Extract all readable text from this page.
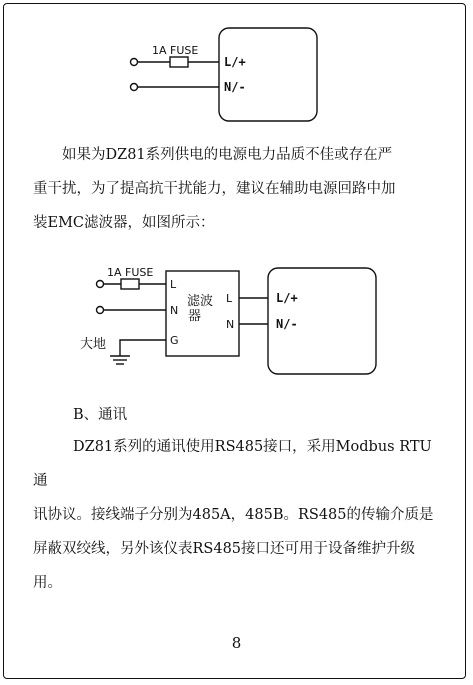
1A FUSE
L/+
N/-

如果为DZ81系列供电的电源电力品质不佳或存在严

重干扰，为了提高抗干扰能力，建议在辅助电源回路中加

装EMC滤波器，如图所示：

1A FUSE
L
N
G
L
N
滤波
器
大地
L/+
N/-
B、通讯

DZ81系列的通讯使用RS485接口，采用Modbus RTU通

讯协议。接线端子分别为485A，485B。RS485的传输介质是

屏蔽双绞线，另外该仪表RS485接口还可用于设备维护升级

用。

8
